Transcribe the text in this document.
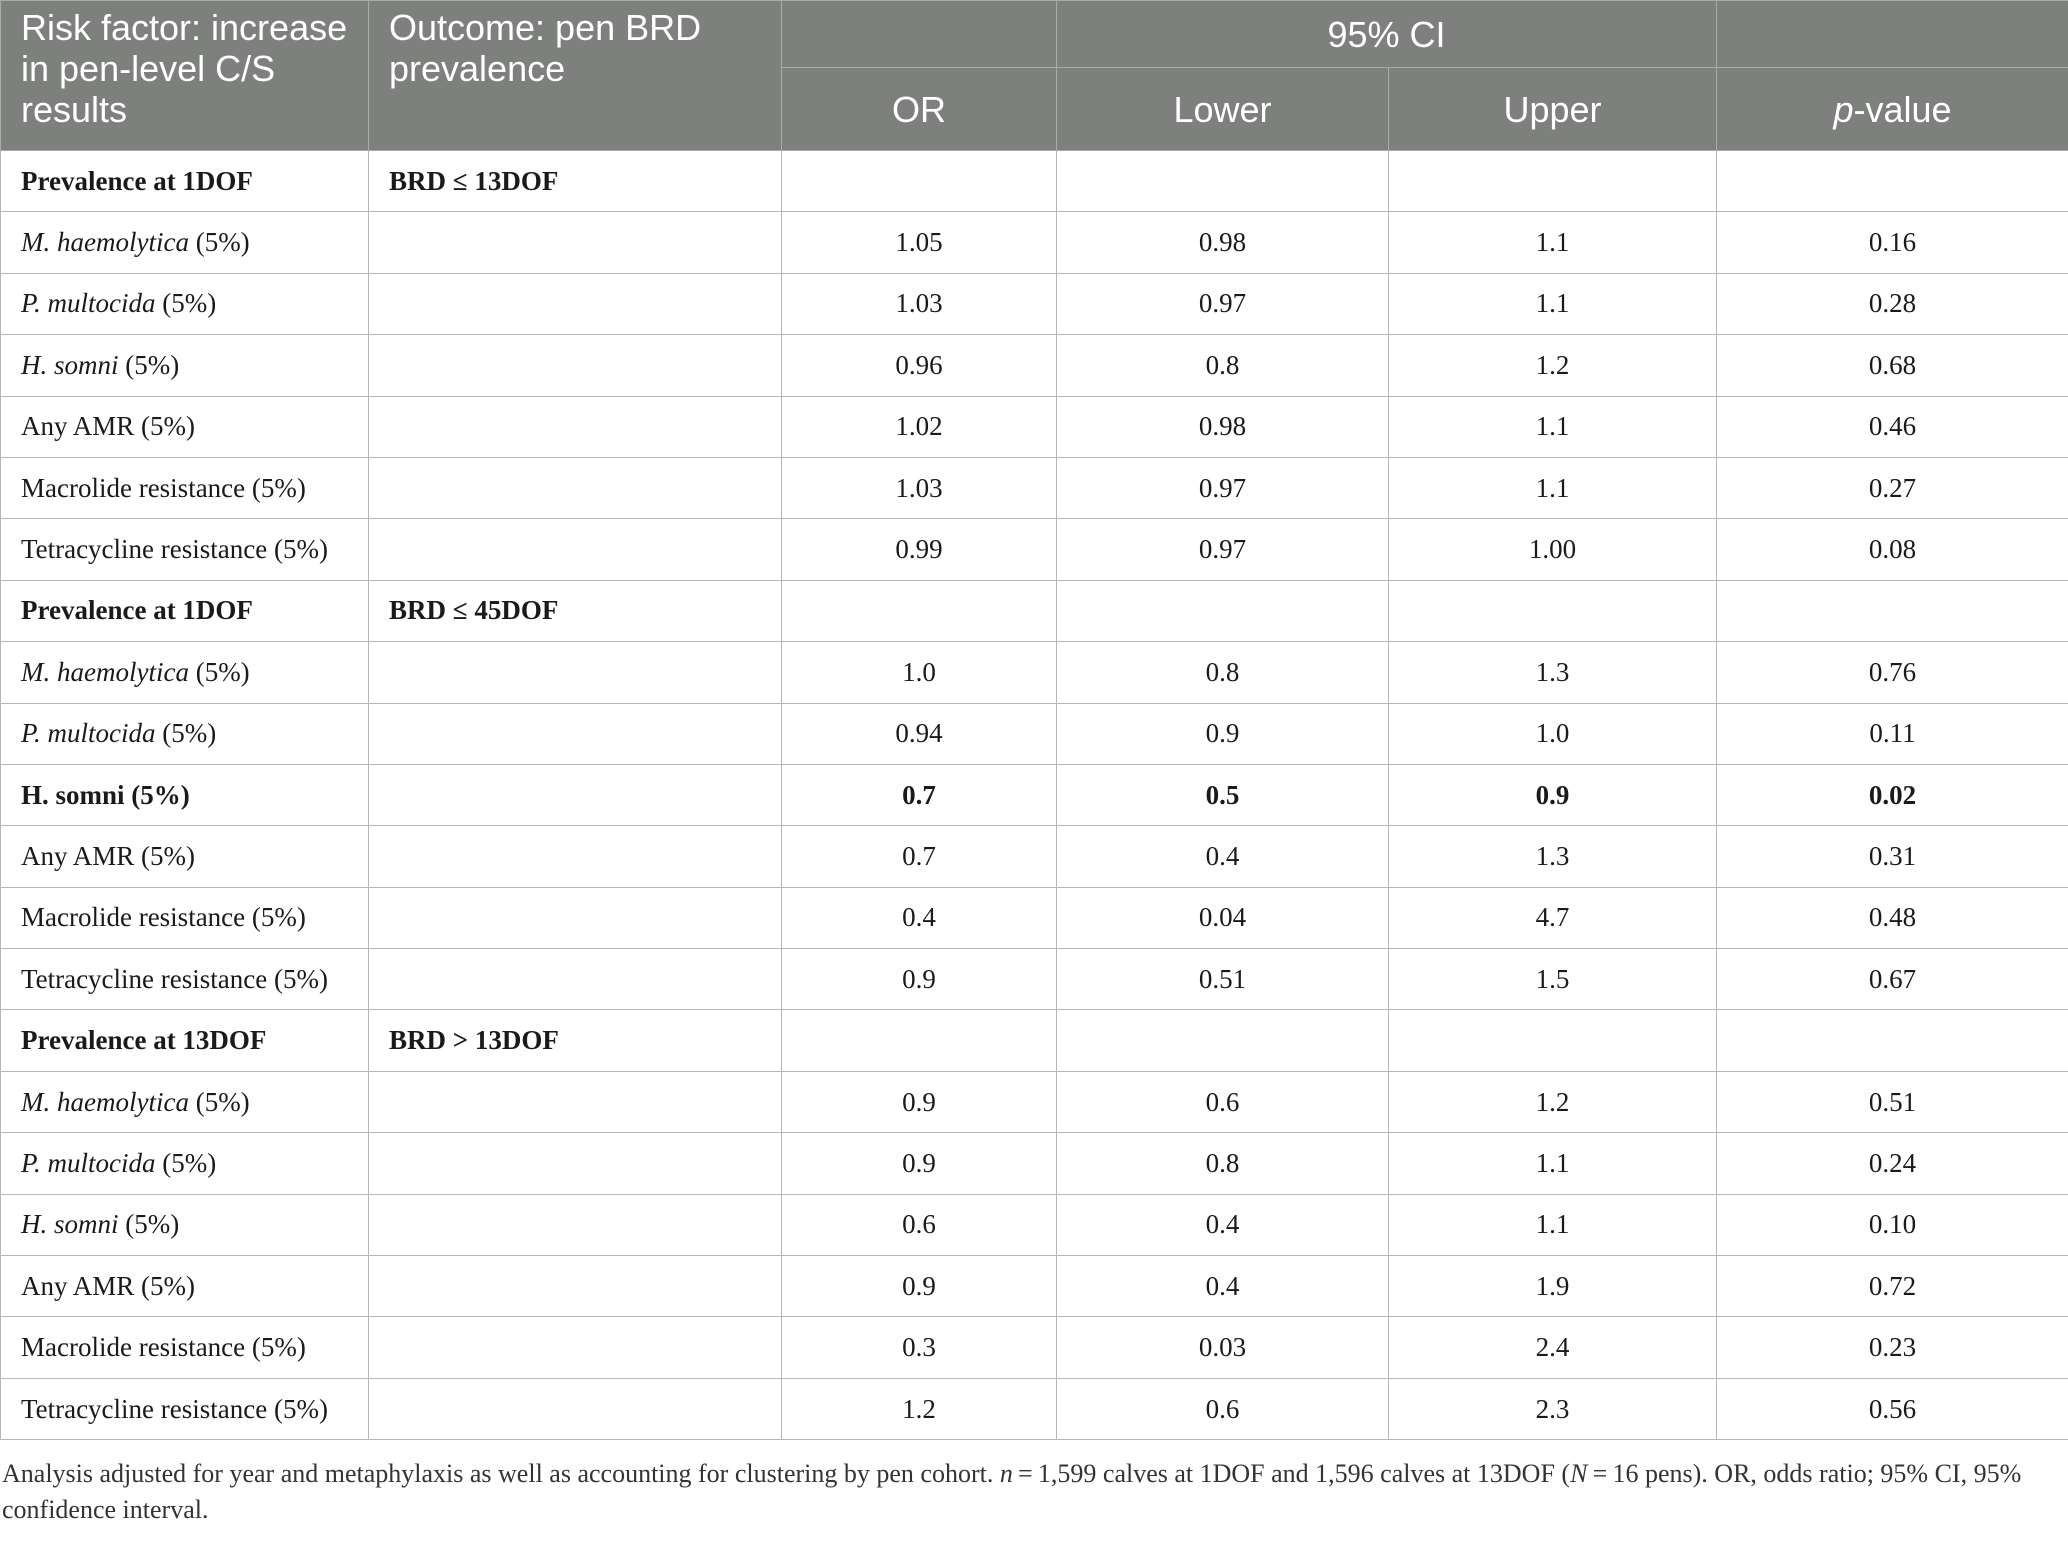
Risk factor: increase in pen-level C/S results	Outcome: pen BRD prevalence		95% CI		
		OR	Lower	Upper	p-value
Prevalence at 1DOF	BRD ≤ 13DOF				
M. haemolytica (5%)		1.05	0.98	1.1	0.16
P. multocida (5%)		1.03	0.97	1.1	0.28
H. somni (5%)		0.96	0.8	1.2	0.68
Any AMR (5%)		1.02	0.98	1.1	0.46
Macrolide resistance (5%)		1.03	0.97	1.1	0.27
Tetracycline resistance (5%)		0.99	0.97	1.00	0.08
Prevalence at 1DOF	BRD ≤ 45DOF				
M. haemolytica (5%)		1.0	0.8	1.3	0.76
P. multocida (5%)		0.94	0.9	1.0	0.11
H. somni (5%)		0.7	0.5	0.9	0.02
Any AMR (5%)		0.7	0.4	1.3	0.31
Macrolide resistance (5%)		0.4	0.04	4.7	0.48
Tetracycline resistance (5%)		0.9	0.51	1.5	0.67
Prevalence at 13DOF	BRD > 13DOF				
M. haemolytica (5%)		0.9	0.6	1.2	0.51
P. multocida (5%)		0.9	0.8	1.1	0.24
H. somni (5%)		0.6	0.4	1.1	0.10
Any AMR (5%)		0.9	0.4	1.9	0.72
Macrolide resistance (5%)		0.3	0.03	2.4	0.23
Tetracycline resistance (5%)		1.2	0.6	2.3	0.56
Analysis adjusted for year and metaphylaxis as well as accounting for clustering by pen cohort. n = 1,599 calves at 1DOF and 1,596 calves at 13DOF (N = 16 pens). OR, odds ratio; 95% CI, 95% confidence interval.
